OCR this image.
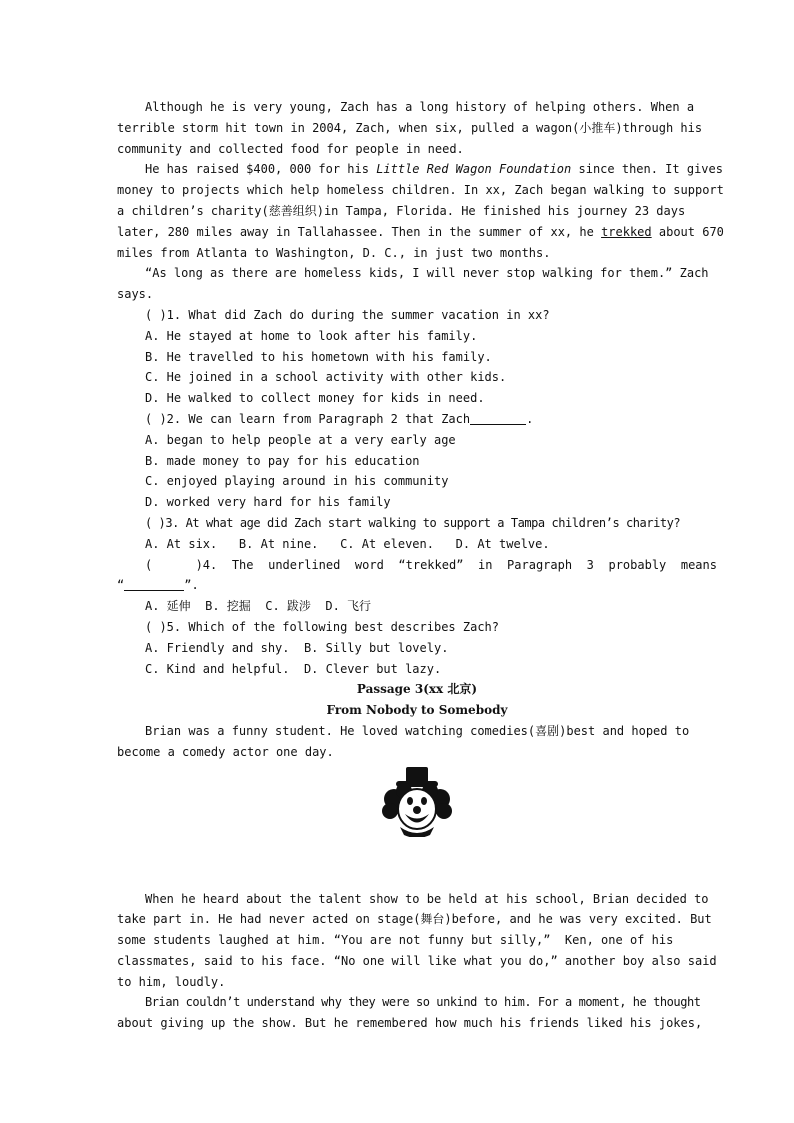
Although he is very young, Zach has a long history of helping others. When a
terrible storm hit town in 2004, Zach, when six, pulled a wagon(小推车)through his
community and collected food for people in need.
He has raised $400, 000 for his Little Red Wagon Foundation since then. It gives
money to projects which help homeless children. In xx, Zach began walking to support
a children’s charity(慈善组织)in Tampa, Florida. He finished his journey 23 days
later, 280 miles away in Tallahassee. Then in the summer of xx, he trekked about 670
miles from Atlanta to Washington, D. C., in just two months.
“As long as there are homeless kids, I will never stop walking for them.” Zach
says.
( )1. What did Zach do during the summer vacation in xx?
A. He stayed at home to look after his family.
B. He travelled to his hometown with his family.
C. He joined in a school activity with other kids.
D. He walked to collect money for kids in need.
( )2. We can learn from Paragraph 2 that Zach	.
A. began to help people at a very early age
B. made money to pay for his education
C. enjoyed playing around in his community
D. worked very hard for his family
( )3. At what age did Zach start walking to support a Tampa children’s charity?
A. At six.   B. At nine.   C. At eleven.   D. At twelve.
(      )4. The underlined word “trekked” in Paragraph 3 probably means
“	”.
A. 延伸  B. 挖掘  C. 跋涉  D. 飞行
( )5. Which of the following best describes Zach?
A. Friendly and shy.  B. Silly but lovely.
C. Kind and helpful.  D. Clever but lazy.
Passage 3(xx 北京)
From Nobody to Somebody
Brian was a funny student. He loved watching comedies(喜剧)best and hoped to
become a comedy actor one day.
When he heard about the talent show to be held at his school, Brian decided to
take part in. He had never acted on stage(舞台)before, and he was very excited. But
some students laughed at him. “You are not funny but silly,”  Ken, one of his
classmates, said to his face. “No one will like what you do,” another boy also said
to him, loudly.
Brian couldn’t understand why they were so unkind to him. For a moment, he thought
about giving up the show. But he remembered how much his friends liked his jokes,
